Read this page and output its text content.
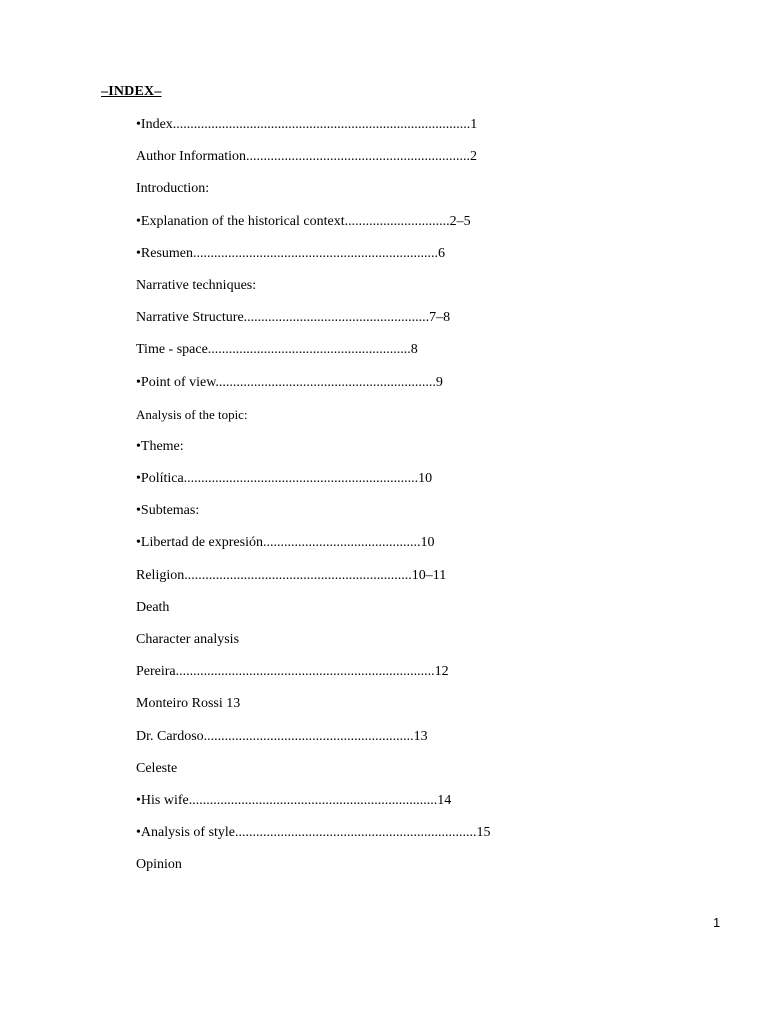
–INDEX–
•Index.....................................................................................1
Author Information................................................................2
Introduction:
•Explanation of the historical context..............................2–5
•Resumen......................................................................6
Narrative techniques:
Narrative Structure.....................................................7–8
Time - space..........................................................8
•Point of view...............................................................9
Analysis of the topic:
•Theme:
•Política...................................................................10
•Subtemas:
•Libertad de expresión.............................................10
Religion.................................................................10–11
Death
Character analysis
Pereira..........................................................................12
Monteiro Rossi 13
Dr. Cardoso............................................................13
Celeste
•His wife.......................................................................14
•Analysis of style.....................................................................15
Opinion
1
